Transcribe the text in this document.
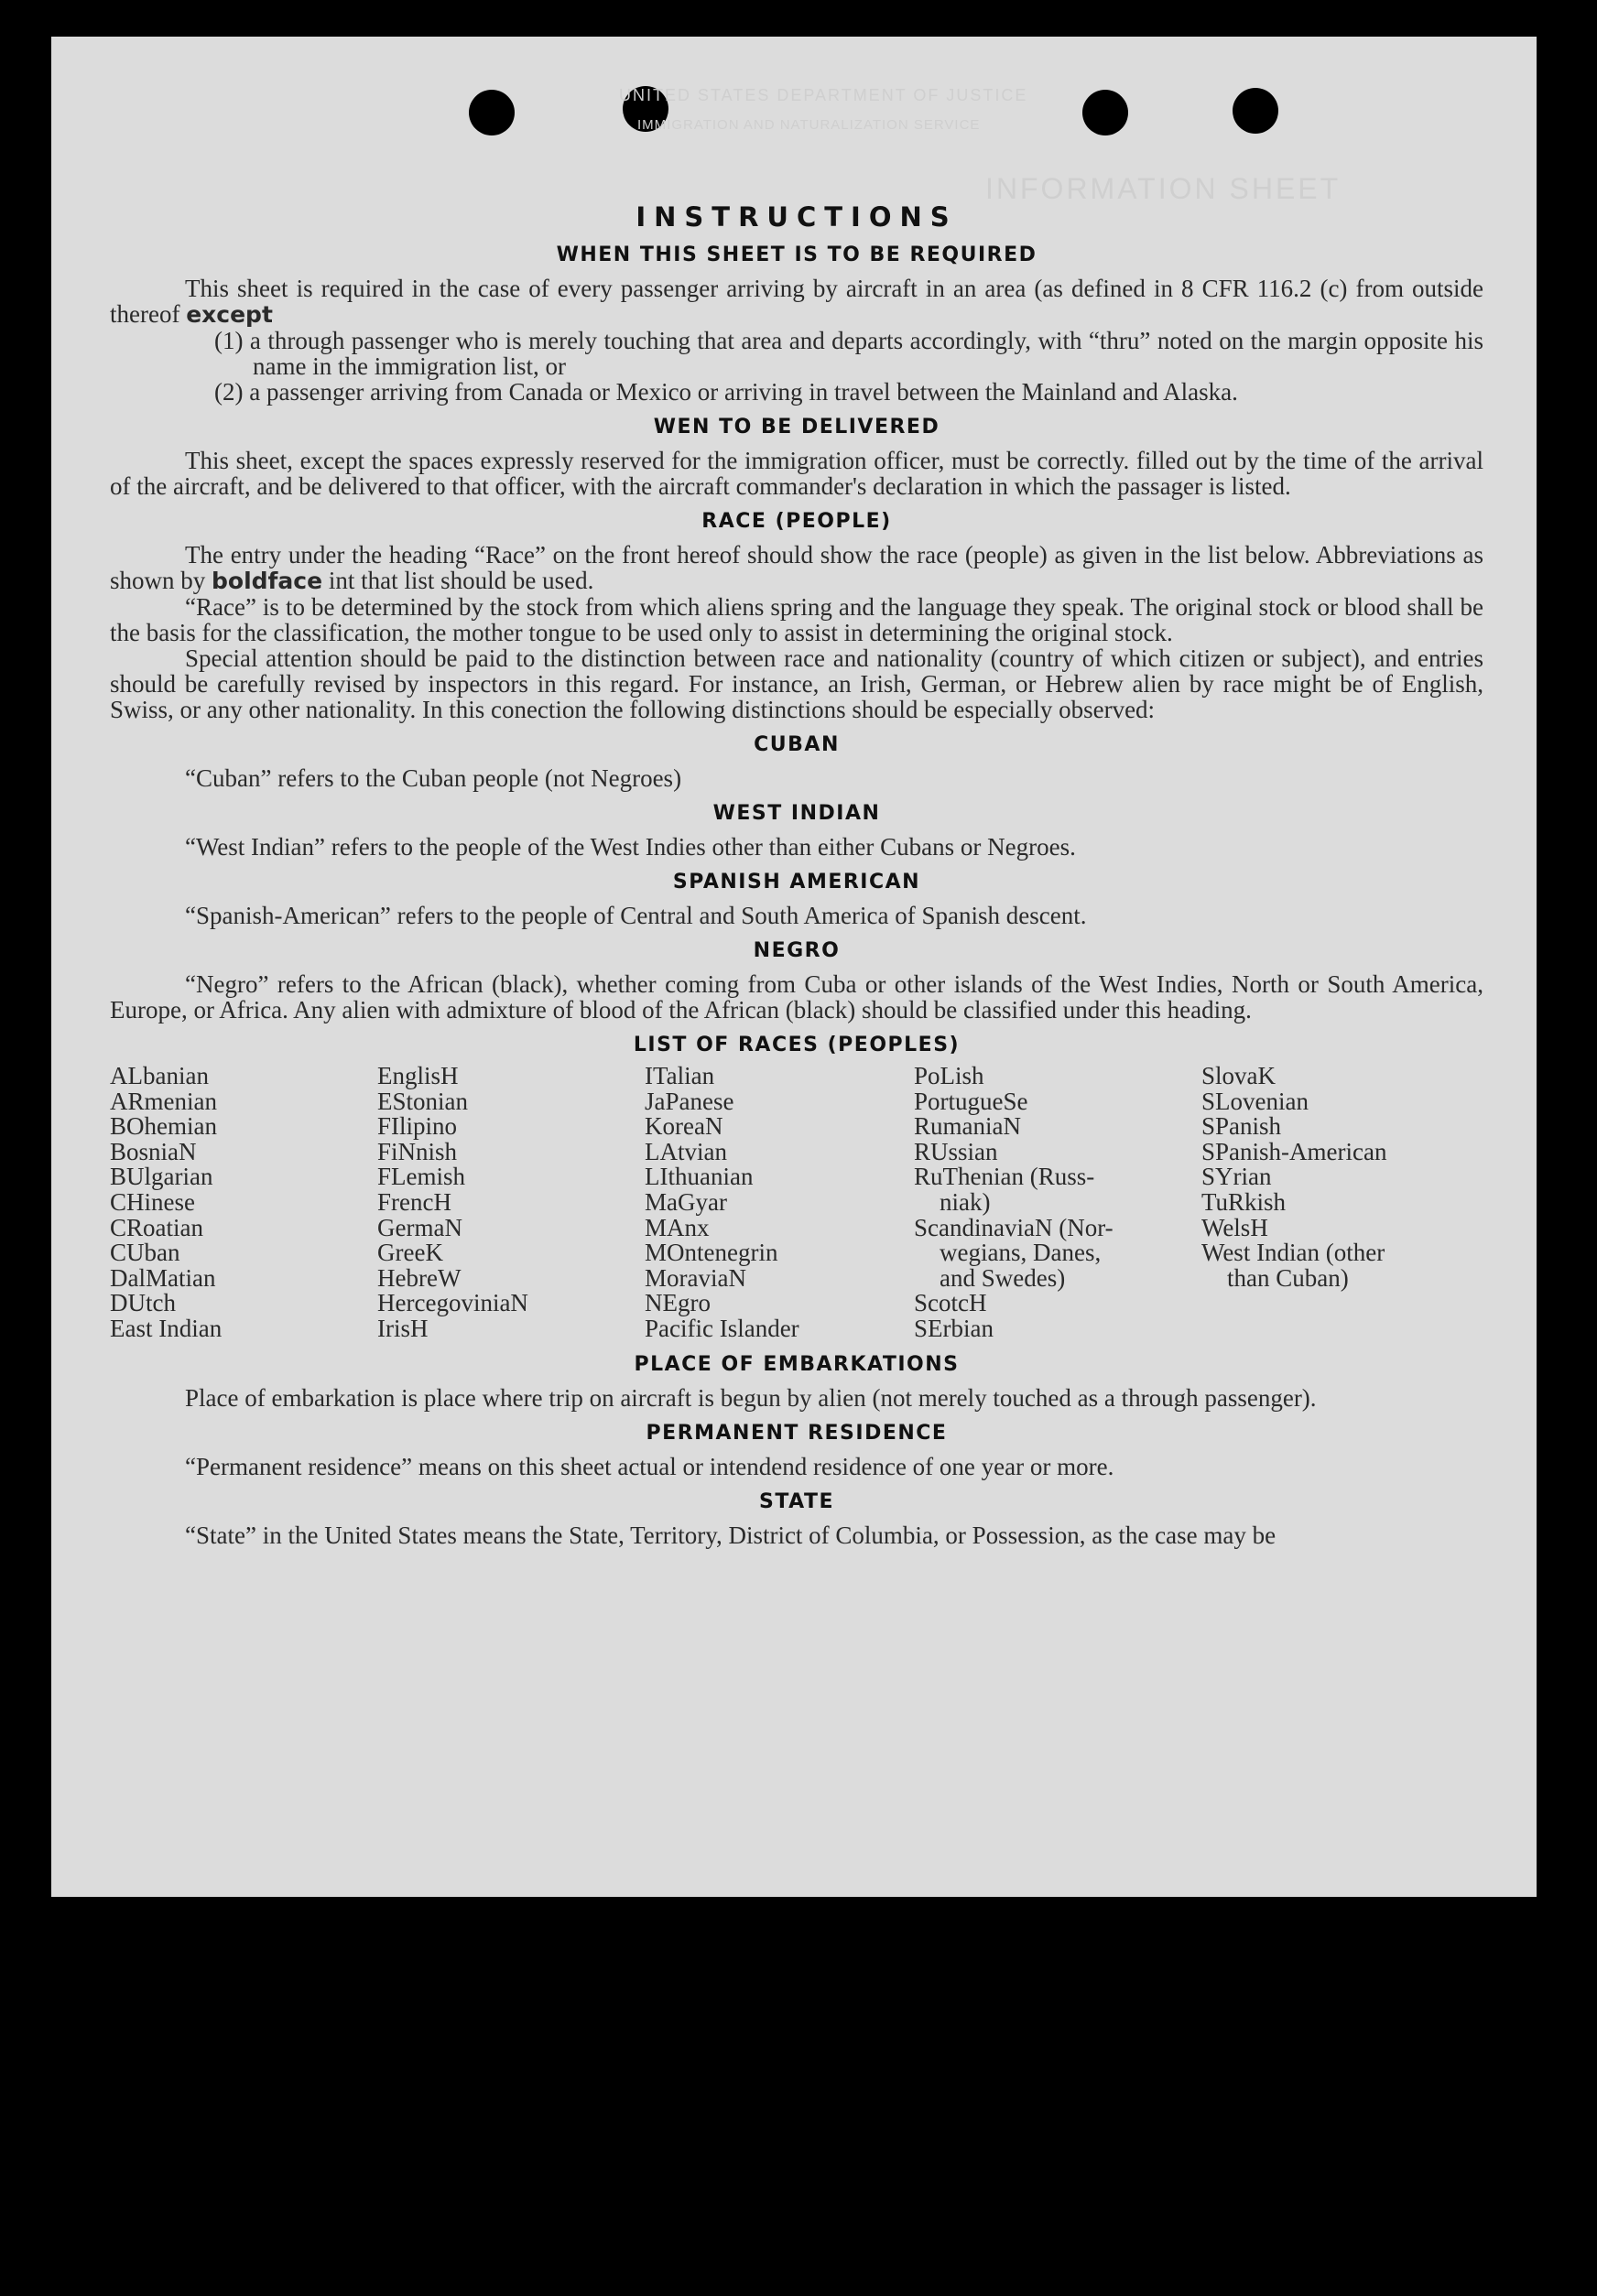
UNITED STATES DEPARTMENT OF JUSTICE
IMMIGRATION AND NATURALIZATION SERVICE
INFORMATION SHEET
INSTRUCTIONS
WHEN THIS SHEET IS TO BE REQUIRED

This sheet is required in the case of every passenger arriving by aircraft in an area (as defined in 8 CFR 116.2 (c) from outside thereof except

(1) a through passenger who is merely touching that area and departs accordingly, with “thru” noted on the margin opposite his name in the immigration list, or
(2) a passenger arriving from Canada or Mexico or arriving in travel between the Mainland and Alaska.
WEN TO BE DELIVERED

This sheet, except the spaces expressly reserved for the immigration officer, must be correctly. filled out by the time of the arrival of the aircraft, and be delivered to that officer, with the aircraft commander's declaration in which the passager is listed.

RACE (PEOPLE)

The entry under the heading “Race” on the front hereof should show the race (people) as given in the list below. Abbreviations as shown by boldface int that list should be used.

“Race” is to be determined by the stock from which aliens spring and the language they speak. The original stock or blood shall be the basis for the classification, the mother tongue to be used only to assist in determining the original stock.

Special attention should be paid to the distinction between race and nationality (country of which citizen or subject), and entries should be carefully revised by inspectors in this regard. For instance, an Irish, German, or Hebrew alien by race might be of English, Swiss, or any other nationality. In this conection the following distinctions should be especially observed:

CUBAN

“Cuban” refers to the Cuban people (not Negroes)

WEST INDIAN

“West Indian” refers to the people of the West Indies other than either Cubans or Negroes.

SPANISH AMERICAN

“Spanish-American” refers to the people of Central and South America of Spanish descent.

NEGRO

“Negro” refers to the African (black), whether coming from Cuba or other islands of the West Indies, North or South America, Europe, or Africa. Any alien with admixture of blood of the African (black) should be classified under this heading.

LIST OF RACES (PEOPLES)
ALbanian
ARmenian
BOhemian
BosniaN
BUlgarian
CHinese
CRoatian
CUban
DalMatian
DUtch
East Indian
EnglisH
EStonian
FIlipino
FiNnish
FLemish
FrencH
GermaN
GreeK
HebreW
HercegoviniaN
IrisH
ITalian
JaPanese
KoreaN
LAtvian
LIthuanian
MaGyar
MAnx
MOntenegrin
MoraviaN
NEgro
Pacific Islander
PoLish
PortugueSe
RumaniaN
RUssian
RuThenian (Russ-
niak)
ScandinaviaN (Nor-
wegians, Danes,
and Swedes)
ScotcH
SErbian
SlovaK
SLovenian
SPanish
SPanish-American
SYrian
TuRkish
WelsH
West Indian (other
than Cuban)
PLACE OF EMBARKATIONS

Place of embarkation is place where trip on aircraft is begun by alien (not merely touched as a through passenger).

PERMANENT RESIDENCE

“Permanent residence” means on this sheet actual or intendend residence of one year or more.

STATE

“State” in the United States means the State, Territory, District of Columbia, or Possession, as the case may be
